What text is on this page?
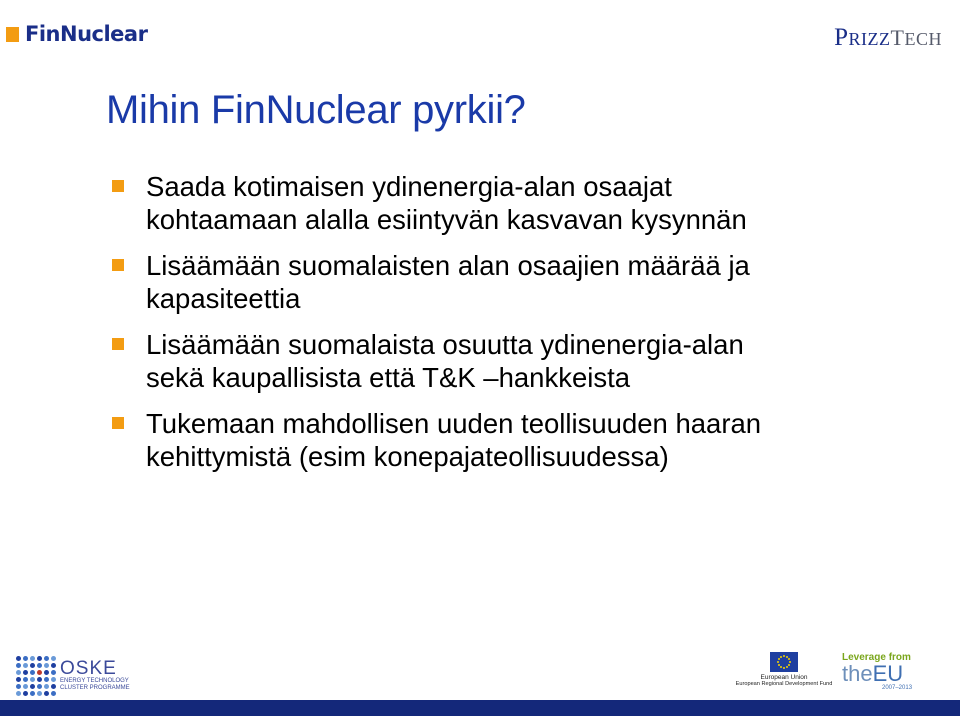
FinNuclear	PRIZZTECH
Mihin FinNuclear pyrkii?
Saada kotimaisen ydinenergia-alan osaajat
kohtaamaan alalla esiintyvän kasvavan kysynnän
Lisäämään suomalaisten alan osaajien määrää ja
kapasiteettia
Lisäämään suomalaista osuutta ydinenergia-alan
sekä kaupallisista että T&K –hankkeista
Tukemaan mahdollisen uuden teollisuuden haaran
kehittymistä (esim konepajateollisuudessa)
OSKE
ENERGY TECHNOLOGY
CLUSTER PROGRAMME
European Union
European Regional Development Fund
Leverage from
theEU
2007–2013
